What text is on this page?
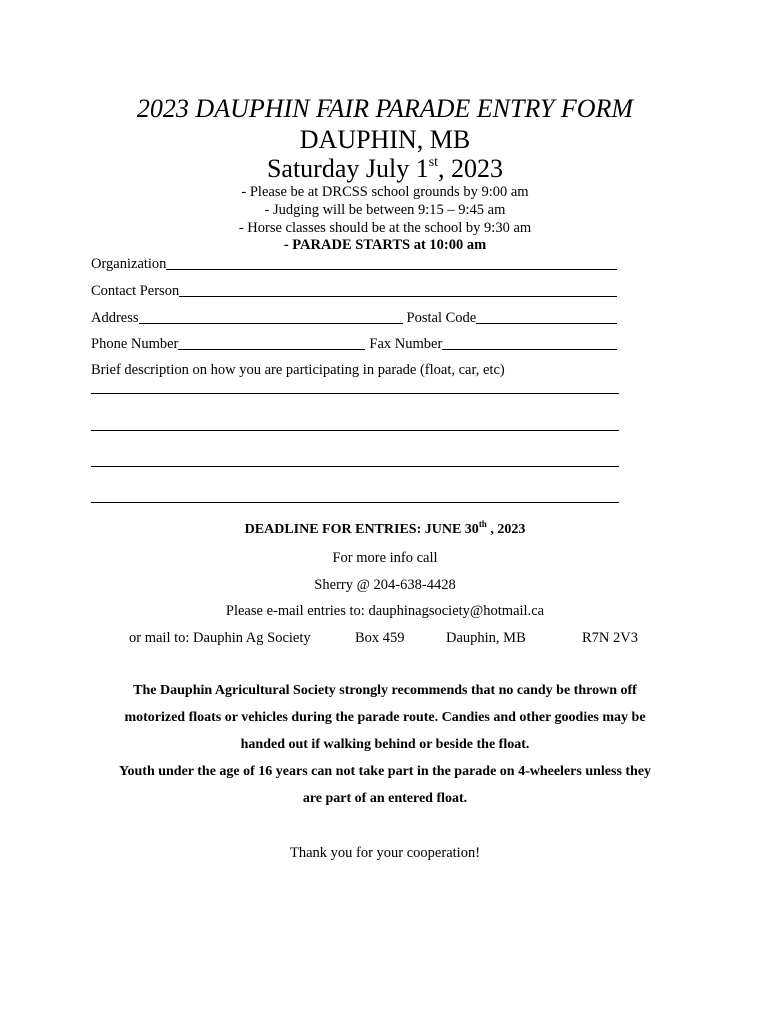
2023 DAUPHIN FAIR PARADE ENTRY FORM
DAUPHIN, MB
Saturday July 1st, 2023
- Please be at DRCSS school grounds by 9:00 am
- Judging will be between 9:15 – 9:45 am
- Horse classes should be at the school by 9:30 am
- PARADE STARTS at 10:00 am
Organization
Contact Person
Address	Postal Code
Phone Number	Fax Number
Brief description on how you are participating in parade (float, car, etc)
DEADLINE FOR ENTRIES: JUNE 30th , 2023
For more info call
Sherry @ 204-638-4428
Please e-mail entries to: dauphinagsociety@hotmail.ca
or mail to: Dauphin Ag Society	Box 459	Dauphin, MB	R7N 2V3
The Dauphin Agricultural Society strongly recommends that no candy be thrown off
motorized floats or vehicles during the parade route. Candies and other goodies may be
handed out if walking behind or beside the float.
Youth under the age of 16 years can not take part in the parade on 4-wheelers unless they
are part of an entered float.
Thank you for your cooperation!
